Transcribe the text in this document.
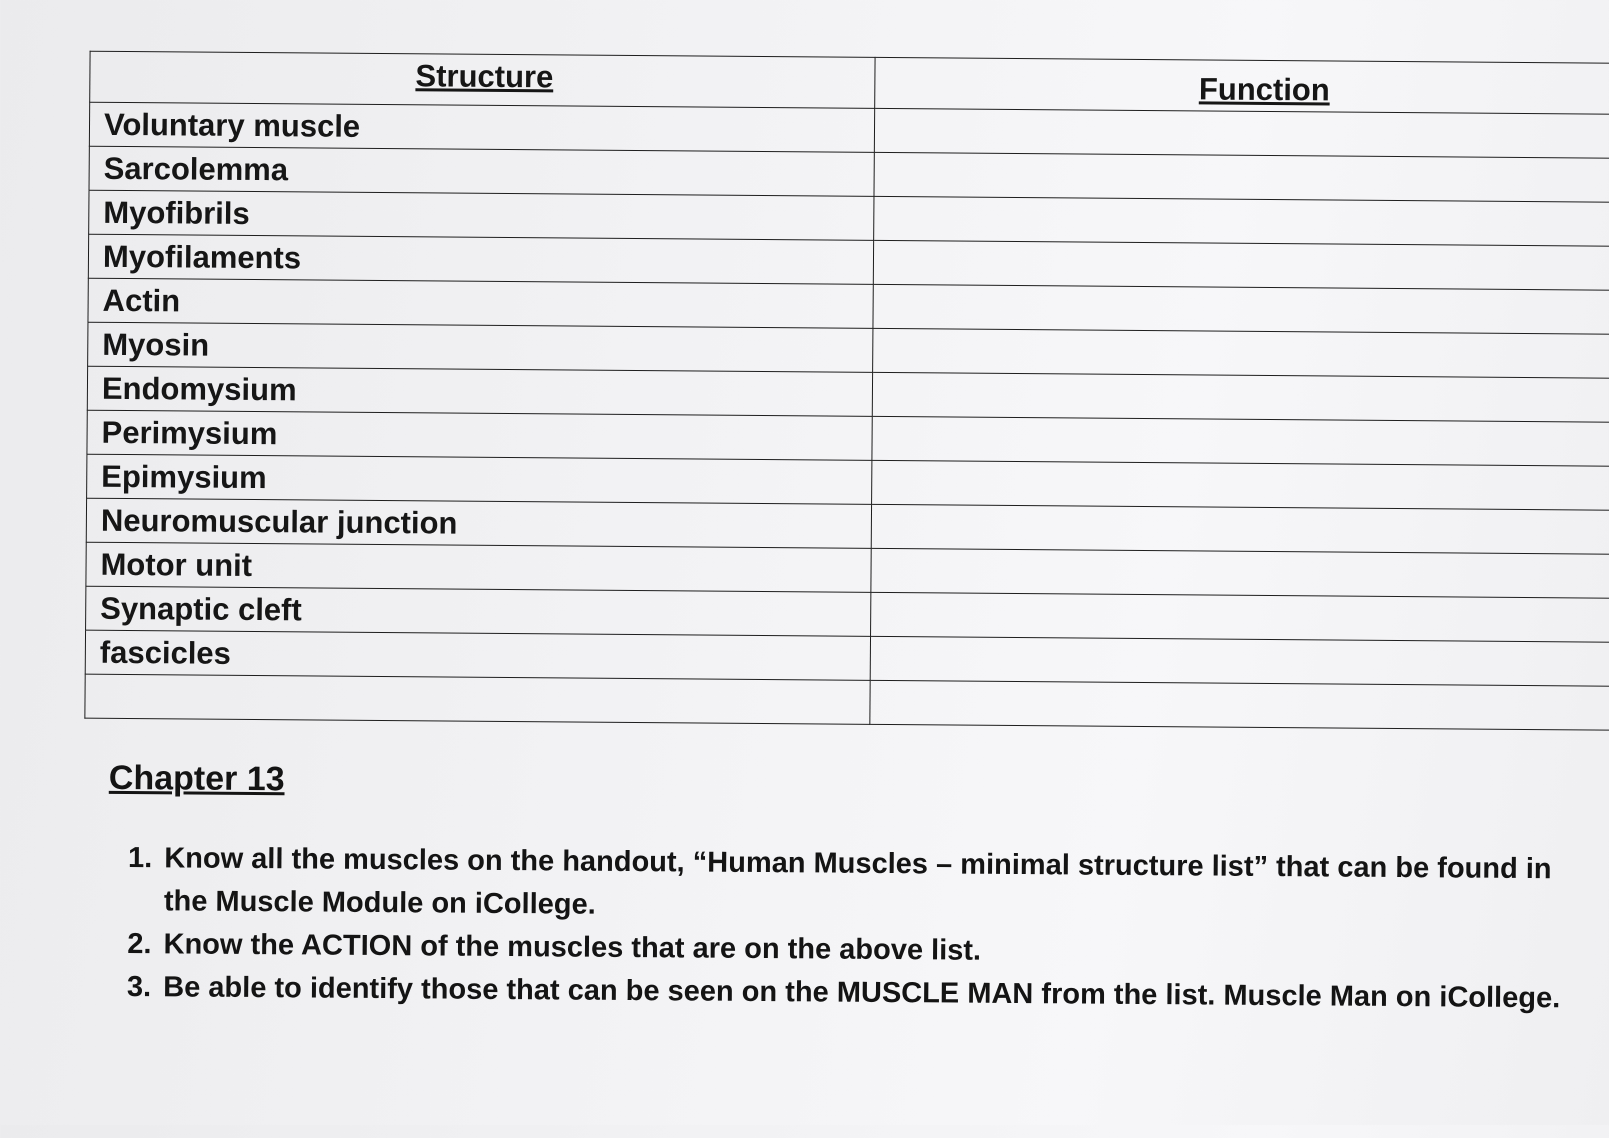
Structure	Function
Voluntary muscle	
Sarcolemma	
Myofibrils	
Myofilaments	
Actin	
Myosin	
Endomysium	
Perimysium	
Epimysium	
Neuromuscular junction	
Motor unit	
Synaptic cleft	
fascicles	

Chapter 13
1. Know all the muscles on the handout, “Human Muscles – minimal structure list” that can be found in the Muscle Module on iCollege.
2. Know the ACTION of the muscles that are on the above list.
3. Be able to identify those that can be seen on the MUSCLE MAN from the list. Muscle Man on iCollege.
